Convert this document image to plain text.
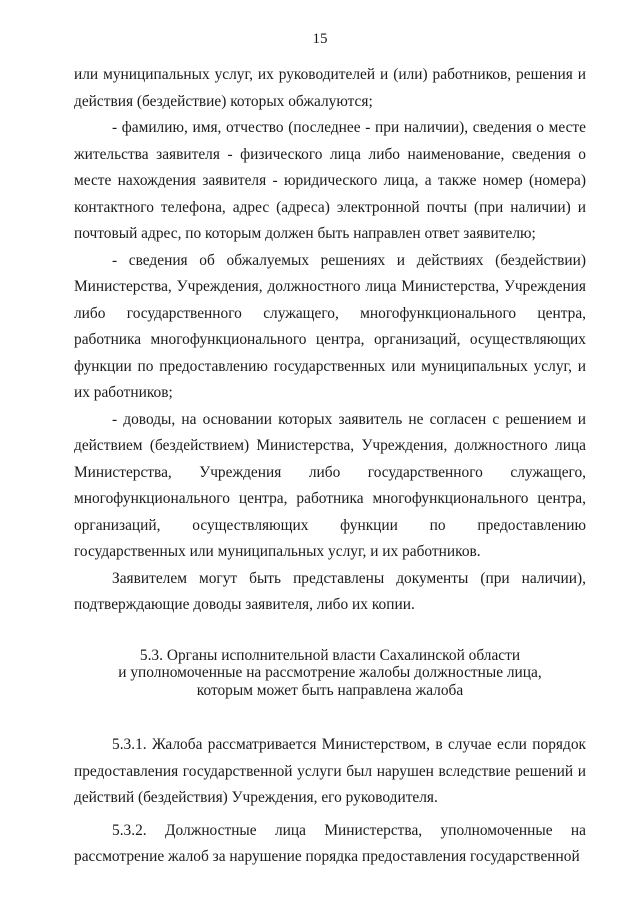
15

или муниципальных услуг, их руководителей и (или) работников, решения и действия (бездействие) которых обжалуются;

- фамилию, имя, отчество (последнее - при наличии), сведения о месте жительства заявителя - физического лица либо наименование, сведения о месте нахождения заявителя - юридического лица, а также номер (номера) контактного телефона, адрес (адреса) электронной почты (при наличии) и почтовый адрес, по которым должен быть направлен ответ заявителю;

- сведения об обжалуемых решениях и действиях (бездействии) Министерства, Учреждения, должностного лица Министерства, Учреждения либо государственного служащего, многофункционального центра, работника многофункционального центра, организаций, осуществляющих функции по предоставлению государственных или муниципальных услуг, и их работников;

- доводы, на основании которых заявитель не согласен с решением и действием (бездействием) Министерства, Учреждения, должностного лица Министерства, Учреждения либо государственного служащего, многофункционального центра, работника многофункционального центра, организаций, осуществляющих функции по предоставлению государственных или муниципальных услуг, и их работников.

Заявителем могут быть представлены документы (при наличии), подтверждающие доводы заявителя, либо их копии.

5.3. Органы исполнительной власти Сахалинской области
и уполномоченные на рассмотрение жалобы должностные лица,
которым может быть направлена жалоба

5.3.1. Жалоба рассматривается Министерством, в случае если порядок предоставления государственной услуги был нарушен вследствие решений и действий (бездействия) Учреждения, его руководителя.

5.3.2. Должностные лица Министерства, уполномоченные на рассмотрение жалоб за нарушение порядка предоставления государственной
